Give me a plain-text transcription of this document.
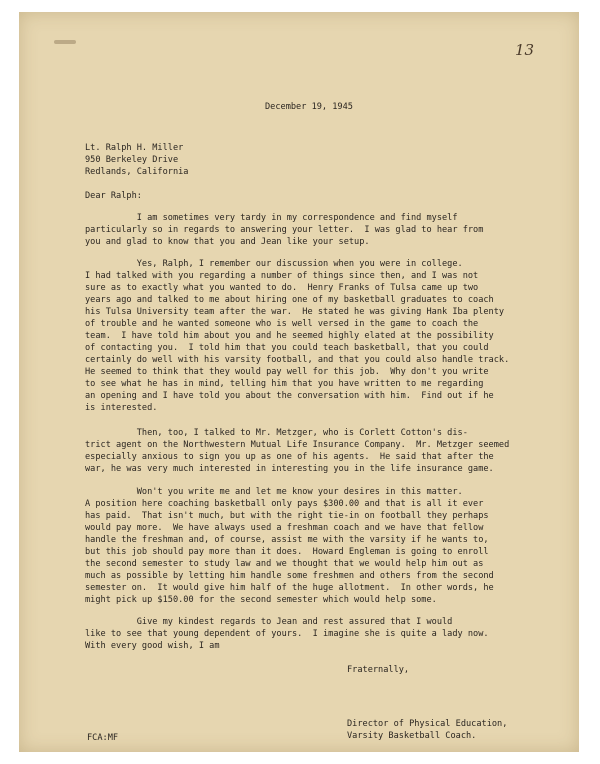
13
December 19, 1945
Lt. Ralph H. Miller
950 Berkeley Drive
Redlands, California
Dear Ralph:
I am sometimes very tardy in my correspondence and find myself
particularly so in regards to answering your letter.  I was glad to hear from
you and glad to know that you and Jean like your setup.
Yes, Ralph, I remember our discussion when you were in college.
I had talked with you regarding a number of things since then, and I was not
sure as to exactly what you wanted to do.  Henry Franks of Tulsa came up two
years ago and talked to me about hiring one of my basketball graduates to coach
his Tulsa University team after the war.  He stated he was giving Hank Iba plenty
of trouble and he wanted someone who is well versed in the game to coach the
team.  I have told him about you and he seemed highly elated at the possibility
of contacting you.  I told him that you could teach basketball, that you could
certainly do well with his varsity football, and that you could also handle track.
He seemed to think that they would pay well for this job.  Why don't you write
to see what he has in mind, telling him that you have written to me regarding
an opening and I have told you about the conversation with him.  Find out if he
is interested.
Then, too, I talked to Mr. Metzger, who is Corlett Cotton's dis-
trict agent on the Northwestern Mutual Life Insurance Company.  Mr. Metzger seemed
especially anxious to sign you up as one of his agents.  He said that after the
war, he was very much interested in interesting you in the life insurance game.
Won't you write me and let me know your desires in this matter.
A position here coaching basketball only pays $300.00 and that is all it ever
has paid.  That isn't much, but with the right tie-in on football they perhaps
would pay more.  We have always used a freshman coach and we have that fellow
handle the freshman and, of course, assist me with the varsity if he wants to,
but this job should pay more than it does.  Howard Engleman is going to enroll
the second semester to study law and we thought that we would help him out as
much as possible by letting him handle some freshmen and others from the second
semester on.  It would give him half of the huge allotment.  In other words, he
might pick up $150.00 for the second semester which would help some.
Give my kindest regards to Jean and rest assured that I would
like to see that young dependent of yours.  I imagine she is quite a lady now.
With every good wish, I am
Fraternally,
Director of Physical Education,
Varsity Basketball Coach.
FCA:MF
